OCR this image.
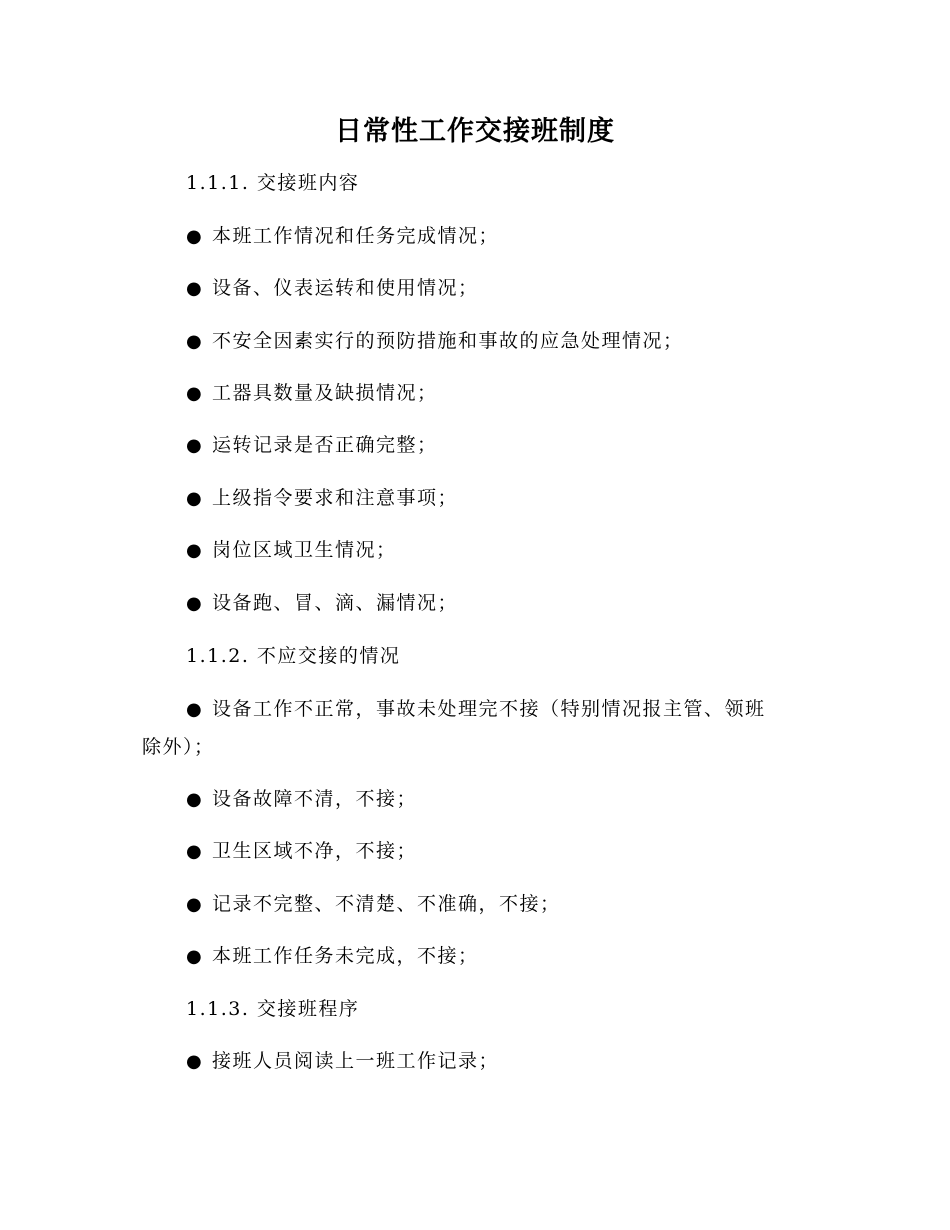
日常性工作交接班制度
1.1.1. 交接班内容
● 本班工作情况和任务完成情况；
● 设备、仪表运转和使用情况；
● 不安全因素实行的预防措施和事故的应急处理情况；
● 工器具数量及缺损情况；
● 运转记录是否正确完整；
● 上级指令要求和注意事项；
● 岗位区域卫生情况；
● 设备跑、冒、滴、漏情况；
1.1.2. 不应交接的情况
● 设备工作不正常，事故未处理完不接（特别情况报主管、领班
除外）；
● 设备故障不清，不接；
● 卫生区域不净，不接；
● 记录不完整、不清楚、不准确，不接；
● 本班工作任务未完成，不接；
1.1.3. 交接班程序
● 接班人员阅读上一班工作记录；
